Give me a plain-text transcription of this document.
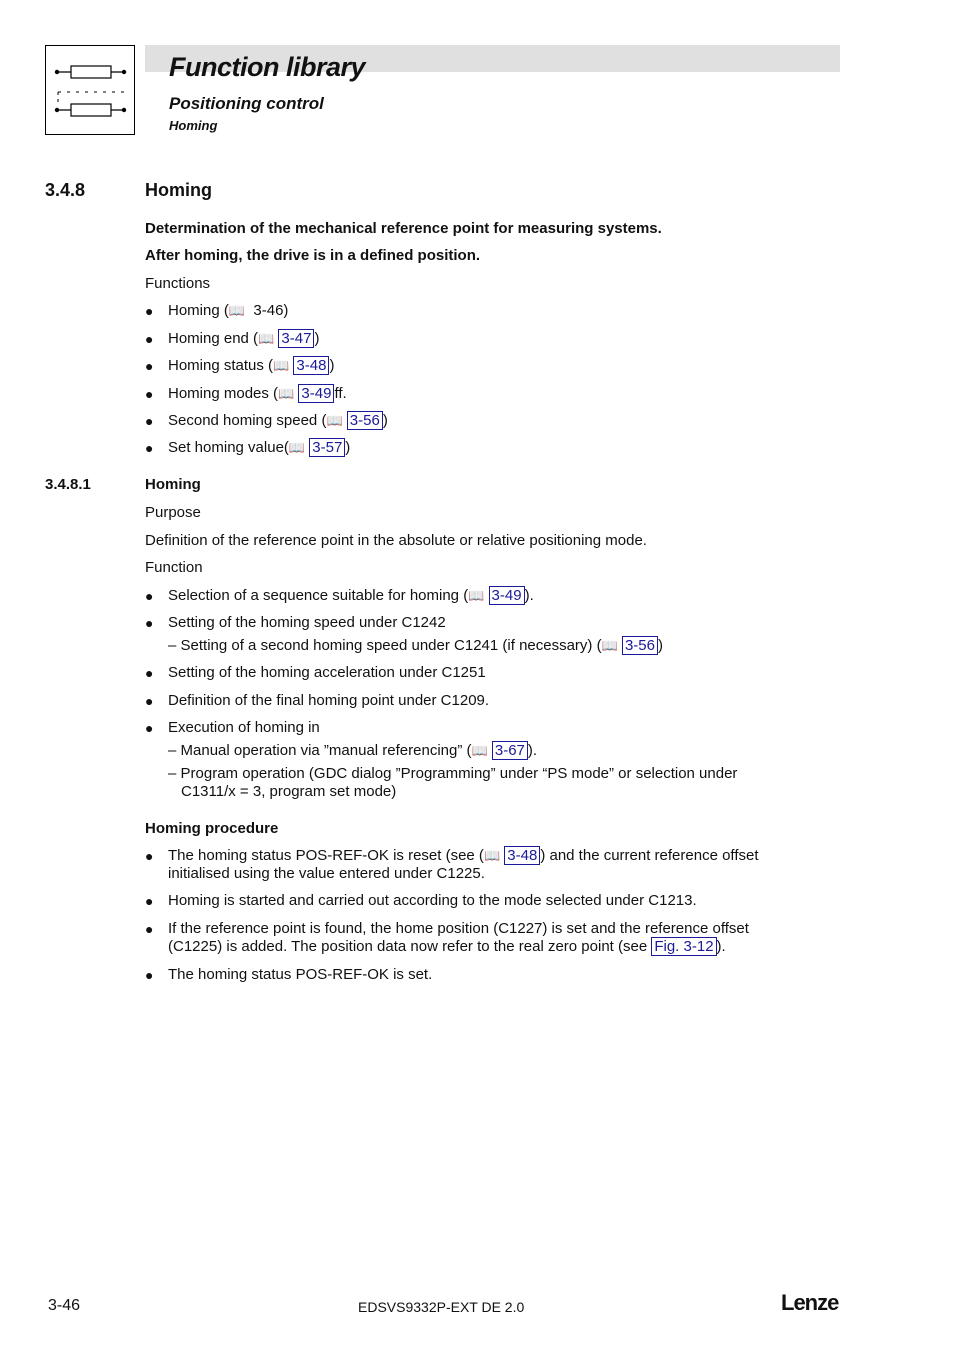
Function library
Positioning control
Homing
3.4.8	Homing
Determination of the mechanical reference point for measuring systems.
After homing, the drive is in a defined position.
Functions
● Homing (📖 3-46)
● Homing end (📖 3-47 )
● Homing status (📖 3-48 )
● Homing modes (📖 3-49 ff.
● Second homing speed (📖 3-56 )
● Set homing value(📖 3-57 )
3.4.8.1	Homing
Purpose
Definition of the reference point in the absolute or relative positioning mode.
Function
● Selection of a sequence suitable for homing (📖 3-49 ).
● Setting of the homing speed under C1242
– Setting of a second homing speed under C1241 (if necessary) (📖 3-56 )
● Setting of the homing acceleration under C1251
● Definition of the final homing point under C1209.
● Execution of homing in
– Manual operation via ”manual referencing” (📖 3-67 ).
– Program operation (GDC dialog ”Programming” under “PS mode” or selection under
C1311/x = 3, program set mode)
Homing procedure
● The homing status POS-REF-OK is reset (see (📖 3-48 ) and the current reference offset
initialised using the value entered under C1225.
● Homing is started and carried out according to the mode selected under C1213.
● If the reference point is found, the home position (C1227) is set and the reference offset
(C1225) is added. The position data now refer to the real zero point (see Fig. 3-12 ).
● The homing status POS-REF-OK is set.
3-46	EDSVS9332P-EXT DE 2.0	Lenze
